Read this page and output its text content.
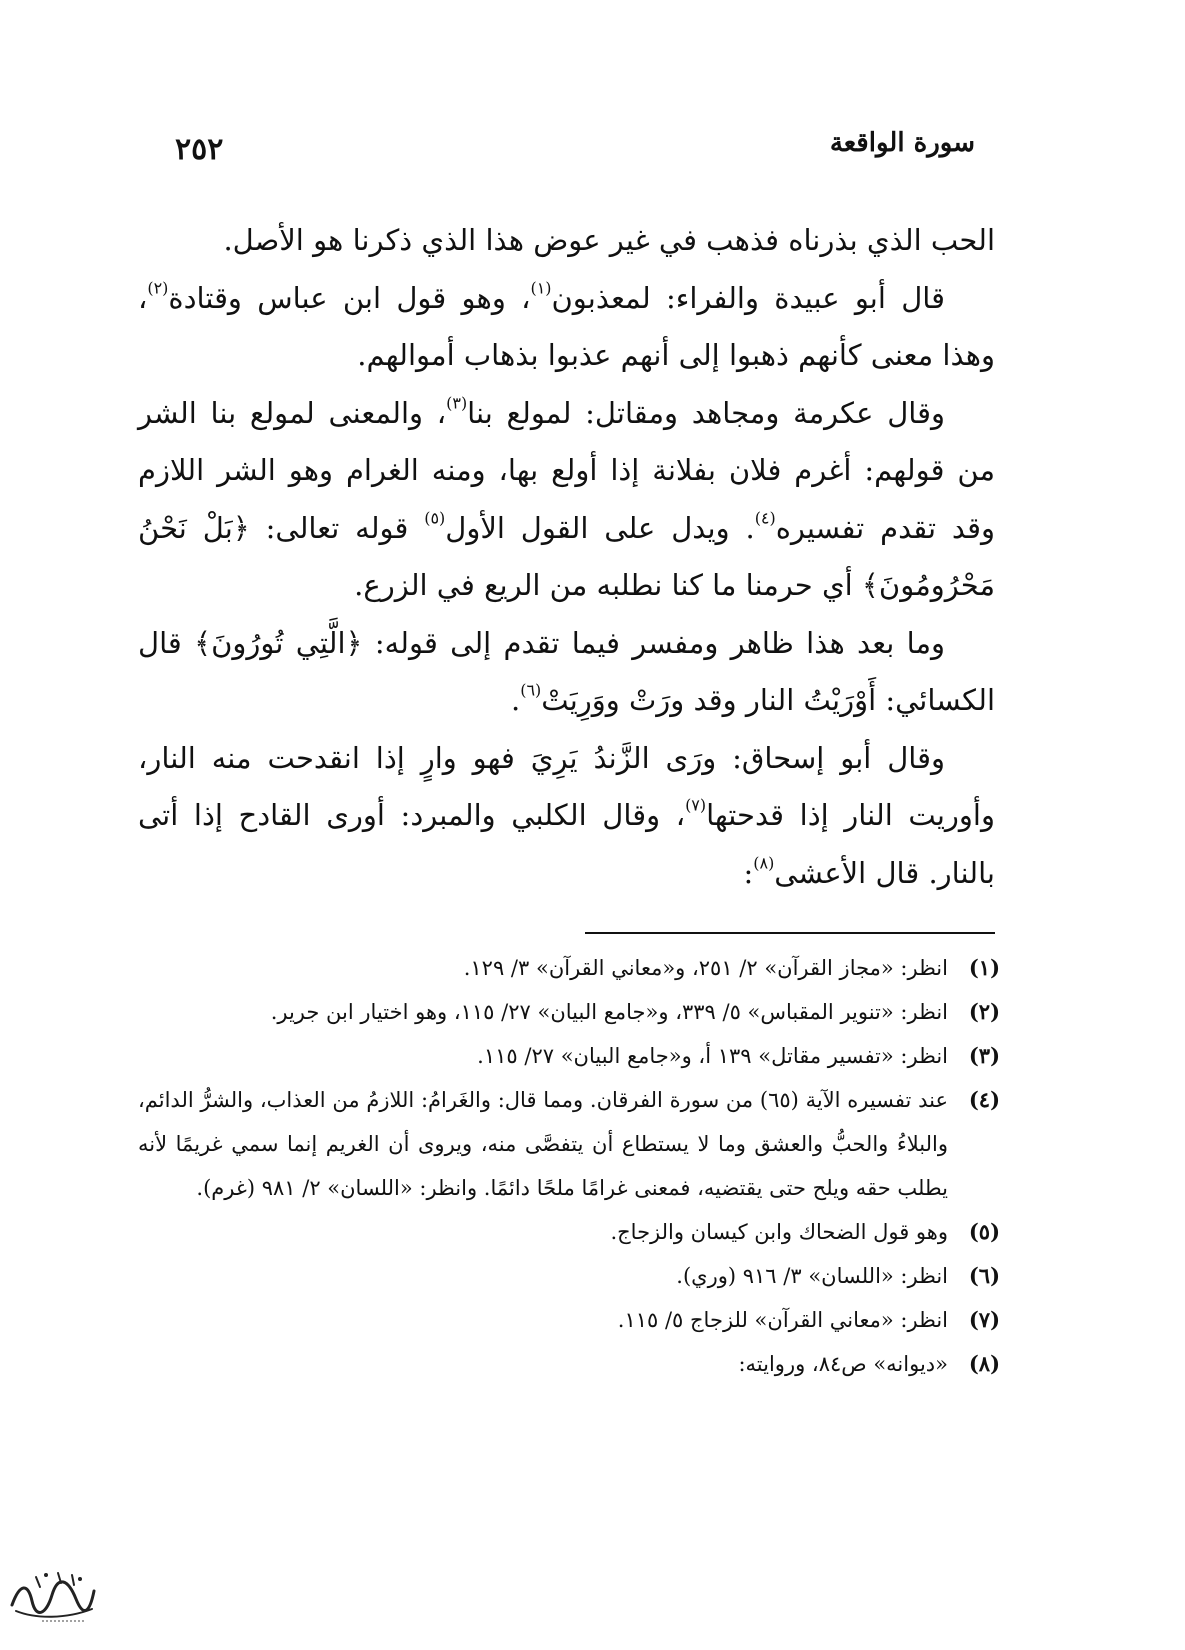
سورة الواقعة
٢٥٢

الحب الذي بذرناه فذهب في غير عوض هذا الذي ذكرنا هو الأصل.

قال أبو عبيدة والفراء: لمعذبون$^{(١)}$، وهو قول ابن عباس وقتادة$^{(٢)}$، وهذا معنى كأنهم ذهبوا إلى أنهم عذبوا بذهاب أموالهم.

وقال عكرمة ومجاهد ومقاتل: لمولع بنا$^{(٣)}$، والمعنى لمولع بنا الشر من قولهم: أغرم فلان بفلانة إذا أولع بها، ومنه الغرام وهو الشر اللازم وقد تقدم تفسيره$^{(٤)}$. ويدل على القول الأول$^{(٥)}$ قوله تعالى: ﴿بَلْ نَحْنُ مَحْرُومُونَ﴾ أي حرمنا ما كنا نطلبه من الريع في الزرع.

وما بعد هذا ظاهر ومفسر فيما تقدم إلى قوله: ﴿الَّتِي تُورُونَ﴾ قال الكسائي: أَوْرَيْتُ النار وقد ورَتْ ووَرِيَتْ$^{(٦)}$.

وقال أبو إسحاق: ورَى الزَّندُ يَرِيَ فهو وارٍ إذا انقدحت منه النار، وأوريت النار إذا قدحتها$^{(٧)}$، وقال الكلبي والمبرد: أورى القادح إذا أتى بالنار. قال الأعشى$^{(٨)}$:

(١)
انظر: «مجاز القرآن» ٢/ ٢٥١، و«معاني القرآن» ٣/ ١٢٩.
(٢)
انظر: «تنوير المقباس» ٥/ ٣٣٩، و«جامع البيان» ٢٧/ ١١٥، وهو اختيار ابن جرير.
(٣)
انظر: «تفسير مقاتل» ١٣٩ أ، و«جامع البيان» ٢٧/ ١١٥.
(٤)
عند تفسيره الآية (٦٥) من سورة الفرقان. ومما قال: والغَرامُ: اللازمُ من العذاب، والشرُّ الدائم، والبلاءُ والحبُّ والعشق وما لا يستطاع أن يتفصَّى منه، ويروى أن الغريم إنما سمي غريمًا لأنه يطلب حقه ويلح حتى يقتضيه، فمعنى غرامًا ملحًا دائمًا. وانظر: «اللسان» ٢/ ٩٨١ (غرم).
(٥)
وهو قول الضحاك وابن كيسان والزجاج.
(٦)
انظر: «اللسان» ٣/ ٩١٦ (وري).
(٧)
انظر: «معاني القرآن» للزجاج ٥/ ١١٥.
(٨)
«ديوانه» ص٨٤، وروايته:
